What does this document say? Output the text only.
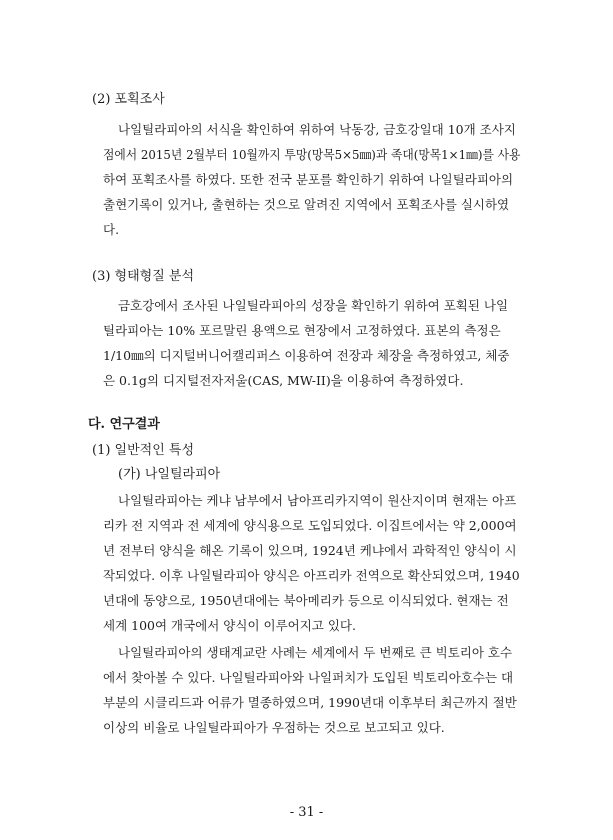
(2) 포획조사
나일틸라피아의 서식을 확인하여 위하여 낙동강, 금호강일대 10개 조사지
점에서 2015년 2월부터 10월까지 투망(망목5×5㎜)과 족대(망목1×1㎜)를 사용
하여 포획조사를 하였다. 또한 전국 분포를 확인하기 위하여 나일틸라피아의
출현기록이 있거나, 출현하는 것으로 알려진 지역에서 포획조사를 실시하였
다.
(3) 형태형질 분석
금호강에서 조사된 나일틸라피아의 성장을 확인하기 위하여 포획된 나일
틸라피아는 10% 포르말린 용액으로 현장에서 고정하였다. 표본의 측정은
1/10㎜의 디지털버니어캘리퍼스 이용하여 전장과 체장을 측정하였고, 체중
은 0.1g의 디지털전자저울(CAS, MW-II)을 이용하여 측정하였다.
다. 연구결과
(1) 일반적인 특성
(가) 나일틸라피아
나일틸라피아는 케냐 남부에서 남아프리카지역이 원산지이며 현재는 아프
리카 전 지역과 전 세계에 양식용으로 도입되었다. 이집트에서는 약 2,000여
년 전부터 양식을 해온 기록이 있으며, 1924년 케냐에서 과학적인 양식이 시
작되었다. 이후 나일틸라피아 양식은 아프리카 전역으로 확산되었으며, 1940
년대에 동양으로, 1950년대에는 북아메리카 등으로 이식되었다. 현재는 전
세계 100여 개국에서 양식이 이루어지고 있다.
나일틸라피아의 생태계교란 사례는 세계에서 두 번째로 큰 빅토리아 호수
에서 찾아볼 수 있다. 나일틸라피아와 나일퍼치가 도입된 빅토리아호수는 대
부분의 시클리드과 어류가 멸종하였으며, 1990년대 이후부터 최근까지 절반
이상의 비율로 나일틸라피아가 우점하는 것으로 보고되고 있다.
- 31 -
